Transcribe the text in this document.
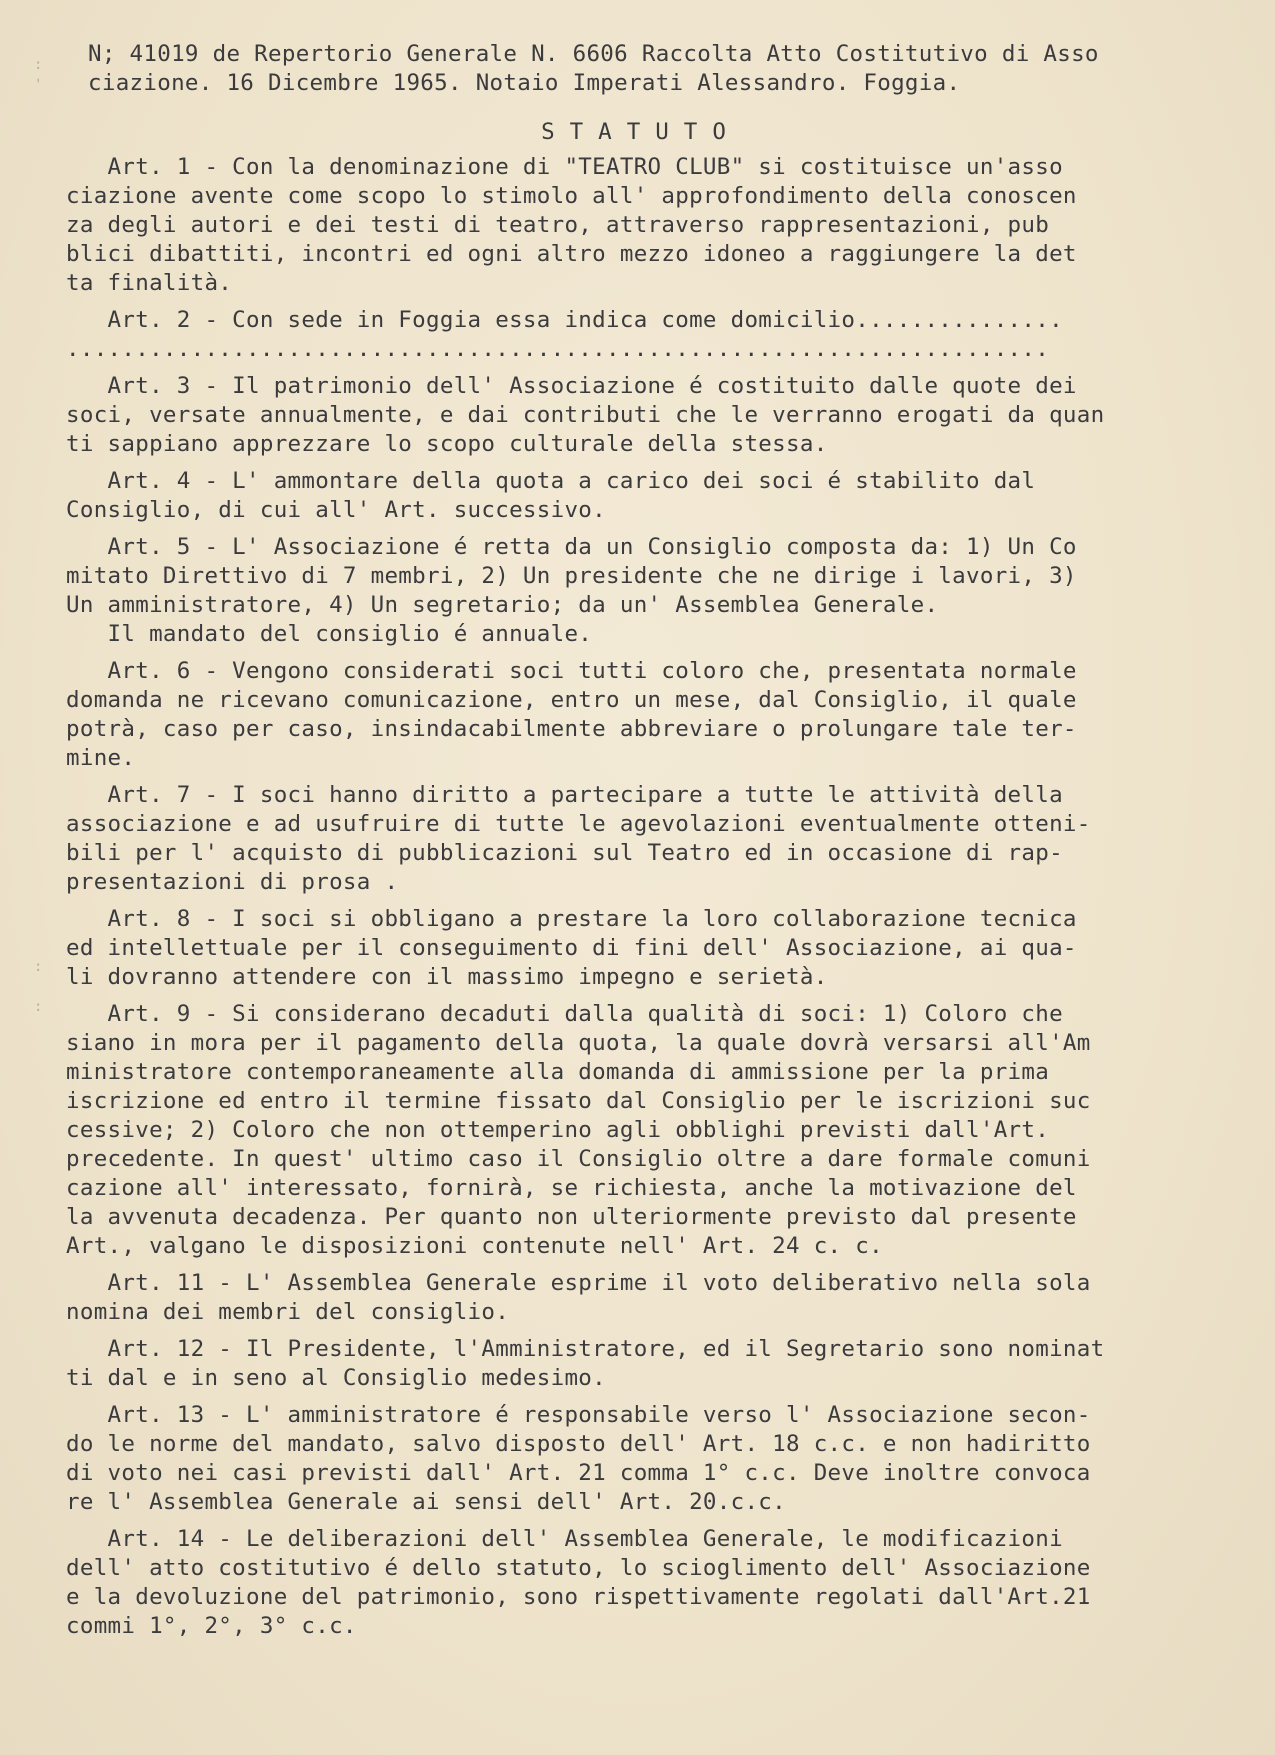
:
'
:
:
N; 41019 de Repertorio Generale N. 6606 Raccolta Atto Costitutivo di Asso
ciazione. 16 Dicembre 1965. Notaio Imperati Alessandro. Foggia.
STATUTO
Art. 1 - Con la denominazione di "TEATRO CLUB" si costituisce un'asso
ciazione avente come scopo lo stimolo all' approfondimento della conoscen
za degli autori e dei testi di teatro, attraverso rappresentazioni, pub
blici dibattiti, incontri ed ogni altro mezzo idoneo a raggiungere la det
ta finalità.
Art. 2 - Con sede in Foggia essa indica come domicilio...............
.......................................................................
Art. 3 - Il patrimonio dell' Associazione é costituito dalle quote dei
soci, versate annualmente, e dai contributi che le verranno erogati da quan
ti sappiano apprezzare lo scopo culturale della stessa.
Art. 4 - L' ammontare della quota a carico dei soci é stabilito dal
Consiglio, di cui all' Art. successivo.
Art. 5 - L' Associazione é retta da un Consiglio composta da: 1) Un Co
mitato Direttivo di 7 membri, 2) Un presidente che ne dirige i lavori, 3)
Un amministratore, 4) Un segretario; da un' Assemblea Generale.
Il mandato del consiglio é annuale.
Art. 6 - Vengono considerati soci tutti coloro che, presentata normale
domanda ne ricevano comunicazione, entro un mese, dal Consiglio, il quale
potrà, caso per caso, insindacabilmente abbreviare o prolungare tale ter-
mine.
Art. 7 - I soci hanno diritto a partecipare a tutte le attività della
associazione e ad usufruire di tutte le agevolazioni eventualmente otteni-
bili per l' acquisto di pubblicazioni sul Teatro ed in occasione di rap-
presentazioni di prosa .
Art. 8 - I soci si obbligano a prestare la loro collaborazione tecnica
ed intellettuale per il conseguimento di fini dell' Associazione, ai qua-
li dovranno attendere con il massimo impegno e serietà.
Art. 9 - Si considerano decaduti dalla qualità di soci: 1) Coloro che
siano in mora per il pagamento della quota, la quale dovrà versarsi all'Am
ministratore contemporaneamente alla domanda di ammissione per la prima
iscrizione ed entro il termine fissato dal Consiglio per le iscrizioni suc
cessive; 2) Coloro che non ottemperino agli obblighi previsti dall'Art.
precedente. In quest' ultimo caso il Consiglio oltre a dare formale comuni
cazione all' interessato, fornirà, se richiesta, anche la motivazione del
la avvenuta decadenza. Per quanto non ulteriormente previsto dal presente
Art., valgano le disposizioni contenute nell' Art. 24 c. c.
Art. 11 - L' Assemblea Generale esprime il voto deliberativo nella sola
nomina dei membri del consiglio.
Art. 12 - Il Presidente, l'Amministratore, ed il Segretario sono nominat
ti dal e in seno al Consiglio medesimo.
Art. 13 - L' amministratore é responsabile verso l' Associazione secon-
do le norme del mandato, salvo disposto dell' Art. 18 c.c. e non hadiritto
di voto nei casi previsti dall' Art. 21 comma 1° c.c. Deve inoltre convoca
re l' Assemblea Generale ai sensi dell' Art. 20.c.c.
Art. 14 - Le deliberazioni dell' Assemblea Generale, le modificazioni
dell' atto costitutivo é dello statuto, lo scioglimento dell' Associazione
e la devoluzione del patrimonio, sono rispettivamente regolati dall'Art.21
commi 1°, 2°, 3° c.c.
